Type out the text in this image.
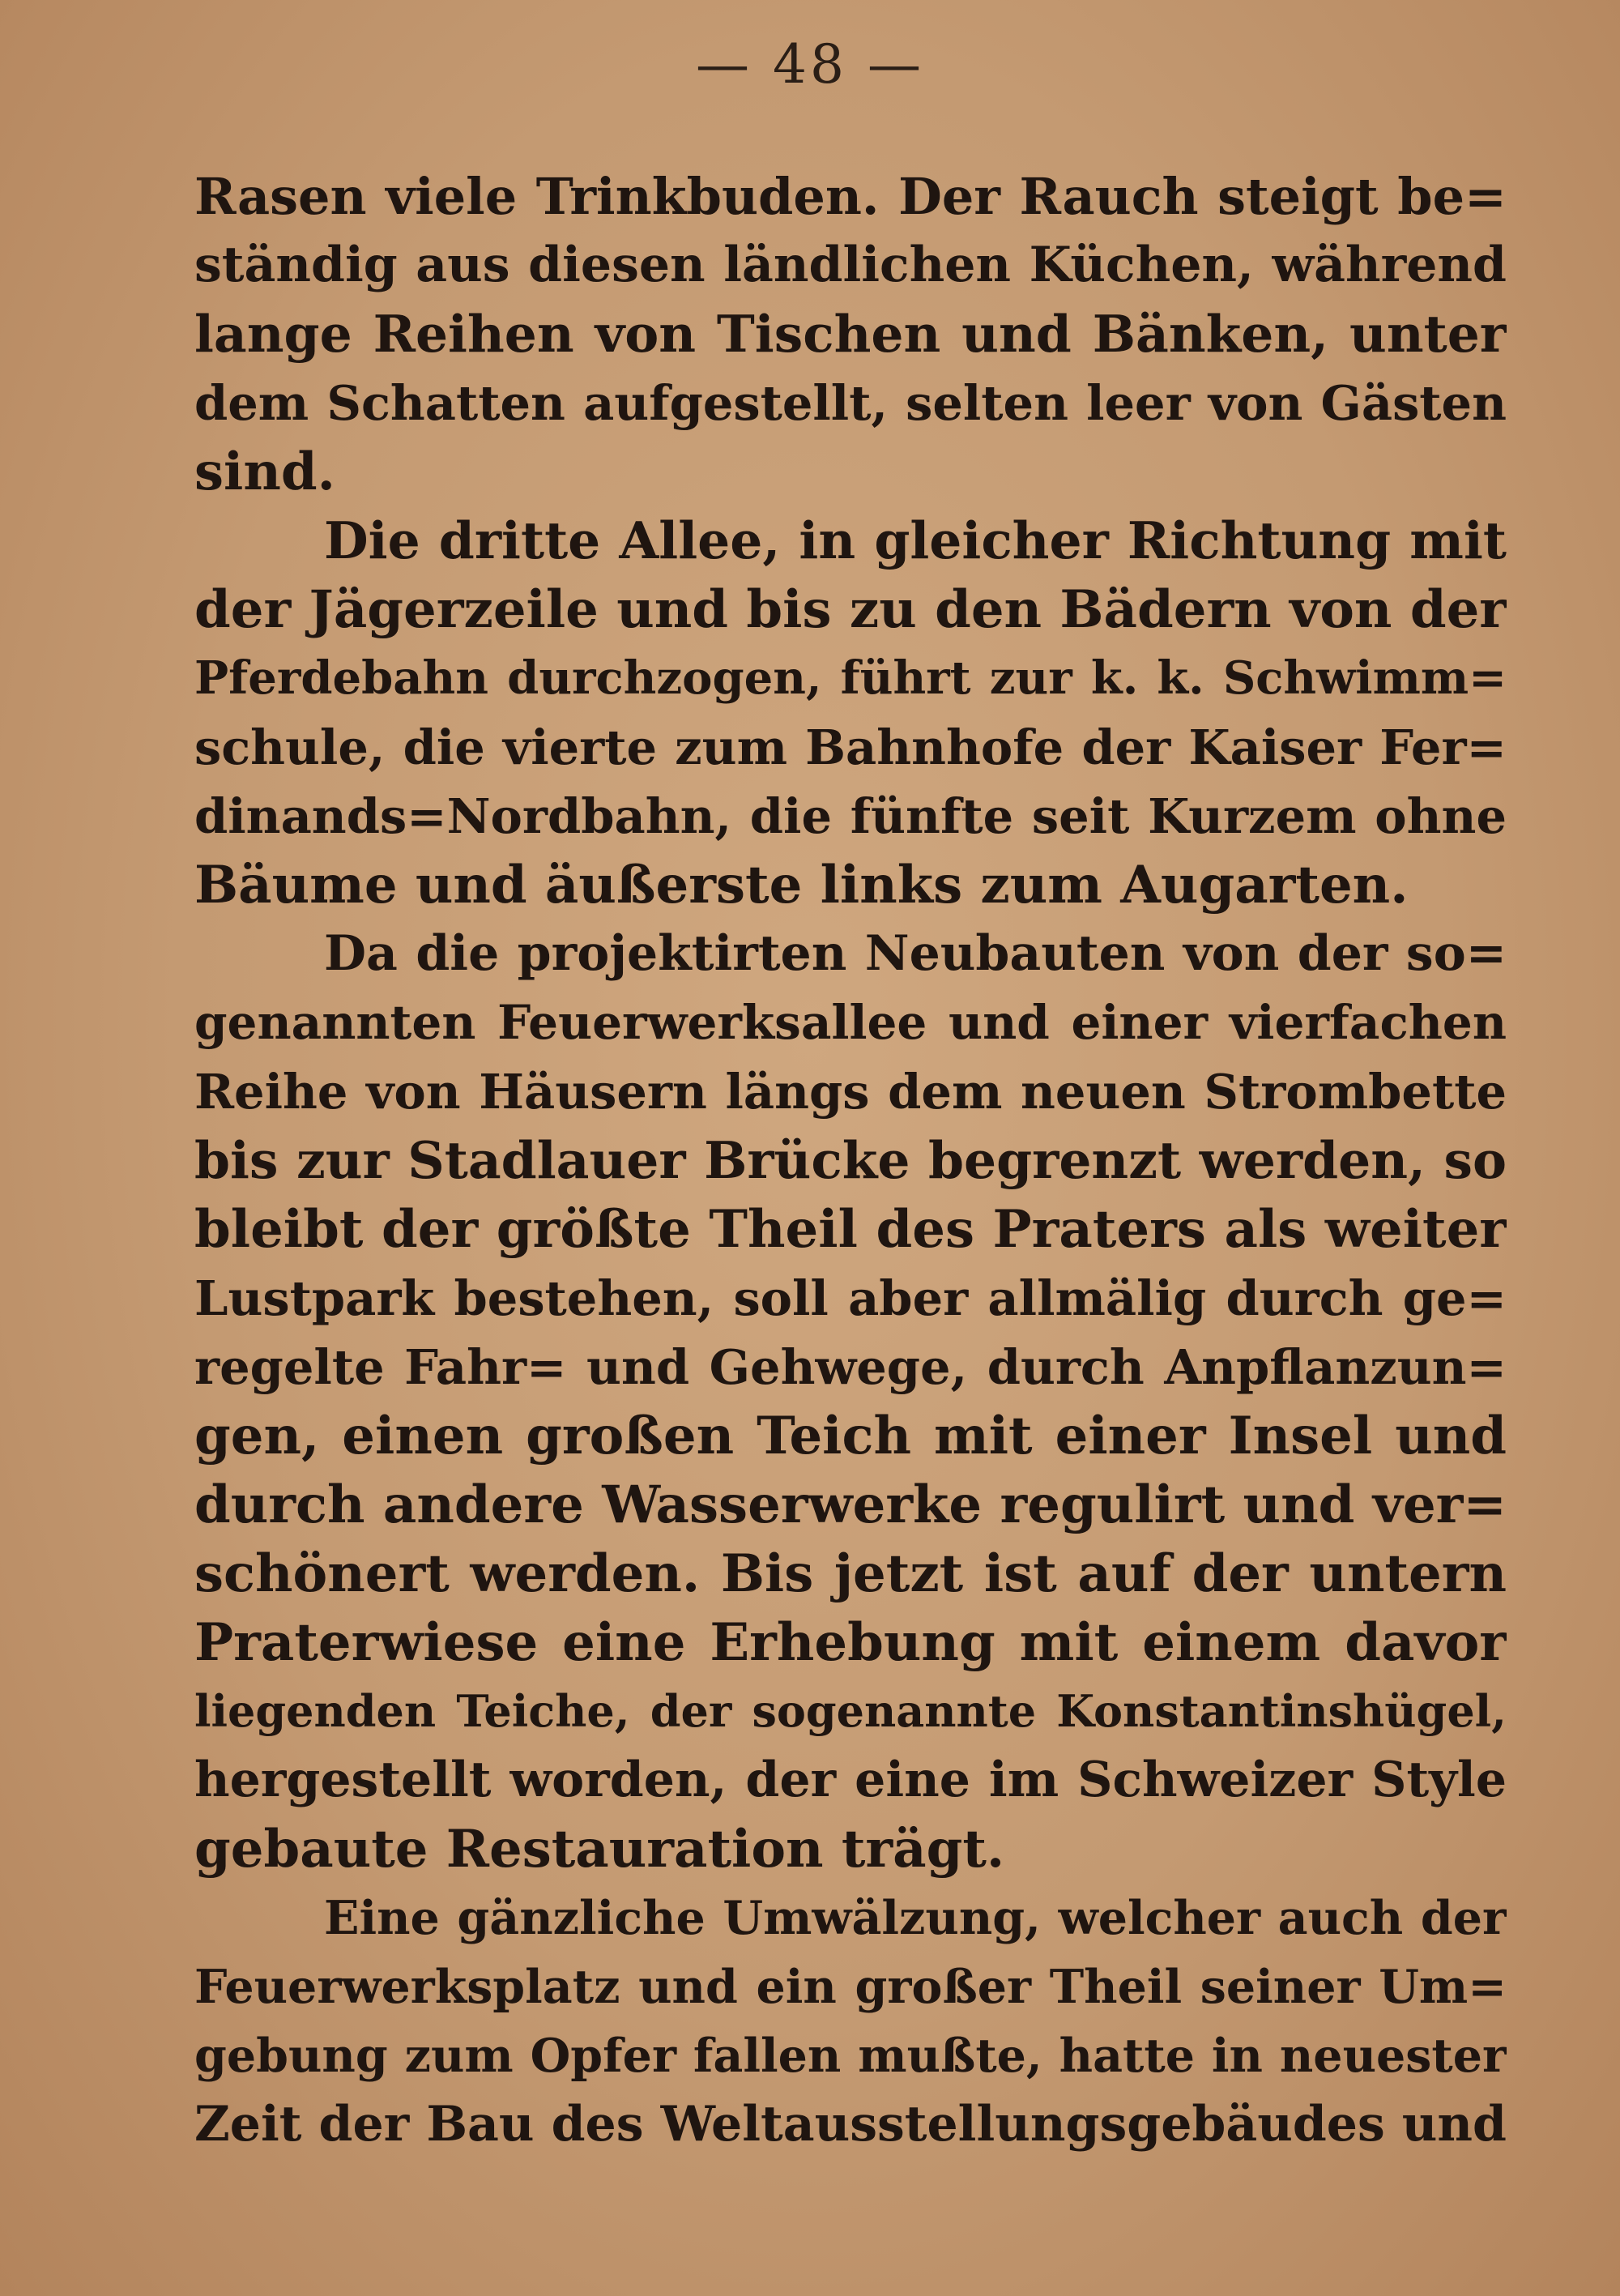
— 48 —
Rasen viele Trinkbuden. Der Rauch steigt be=
ständig aus diesen ländlichen Küchen, während
lange Reihen von Tischen und Bänken, unter
dem Schatten aufgestellt, selten leer von Gästen
sind.
Die dritte Allee, in gleicher Richtung mit
der Jägerzeile und bis zu den Bädern von der
Pferdebahn durchzogen, führt zur k. k. Schwimm=
schule, die vierte zum Bahnhofe der Kaiser Fer=
dinands=Nordbahn, die fünfte seit Kurzem ohne
Bäume und äußerste links zum Augarten.
Da die projektirten Neubauten von der so=
genannten Feuerwerksallee und einer vierfachen
Reihe von Häusern längs dem neuen Strombette
bis zur Stadlauer Brücke begrenzt werden, so
bleibt der größte Theil des Praters als weiter
Lustpark bestehen, soll aber allmälig durch ge=
regelte Fahr= und Gehwege, durch Anpflanzun=
gen, einen großen Teich mit einer Insel und
durch andere Wasserwerke regulirt und ver=
schönert werden. Bis jetzt ist auf der untern
Praterwiese eine Erhebung mit einem davor
liegenden Teiche, der sogenannte Konstantinshügel,
hergestellt worden, der eine im Schweizer Style
gebaute Restauration trägt.
Eine gänzliche Umwälzung, welcher auch der
Feuerwerksplatz und ein großer Theil seiner Um=
gebung zum Opfer fallen mußte, hatte in neuester
Zeit der Bau des Weltausstellungsgebäudes und
